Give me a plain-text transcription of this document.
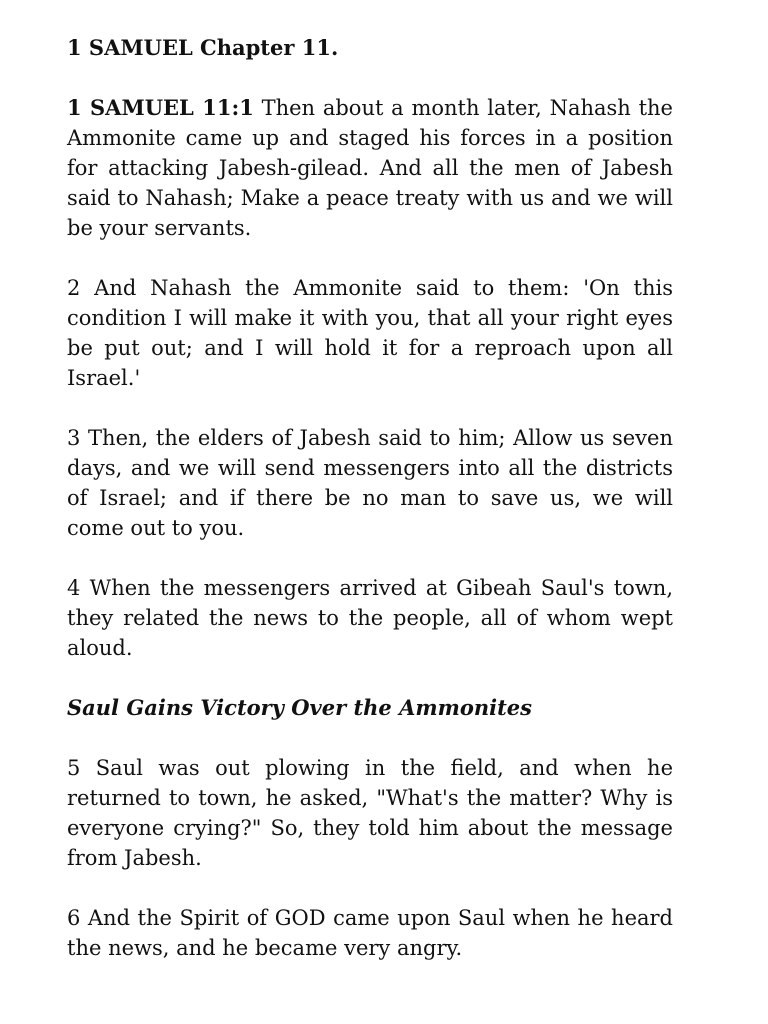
1 SAMUEL Chapter 11.

1 SAMUEL 11:1 Then about a month later, Nahash the Ammonite came up and staged his forces in a position for attacking Jabesh-gilead. And all the men of Jabesh said to Nahash; Make a peace treaty with us and we will be your servants.

2 And Nahash the Ammonite said to them: 'On this condition I will make it with you, that all your right eyes be put out; and I will hold it for a reproach upon all Israel.'

3 Then, the elders of Jabesh said to him; Allow us seven days, and we will send messengers into all the districts of Israel; and if there be no man to save us, we will come out to you.

4 When the messengers arrived at Gibeah Saul's town, they related the news to the people, all of whom wept aloud.

Saul Gains Victory Over the Ammonites

5 Saul was out plowing in the field, and when he returned to town, he asked, "What's the matter? Why is everyone crying?" So, they told him about the message from Jabesh.

6 And the Spirit of GOD came upon Saul when he heard the news, and he became very angry.
